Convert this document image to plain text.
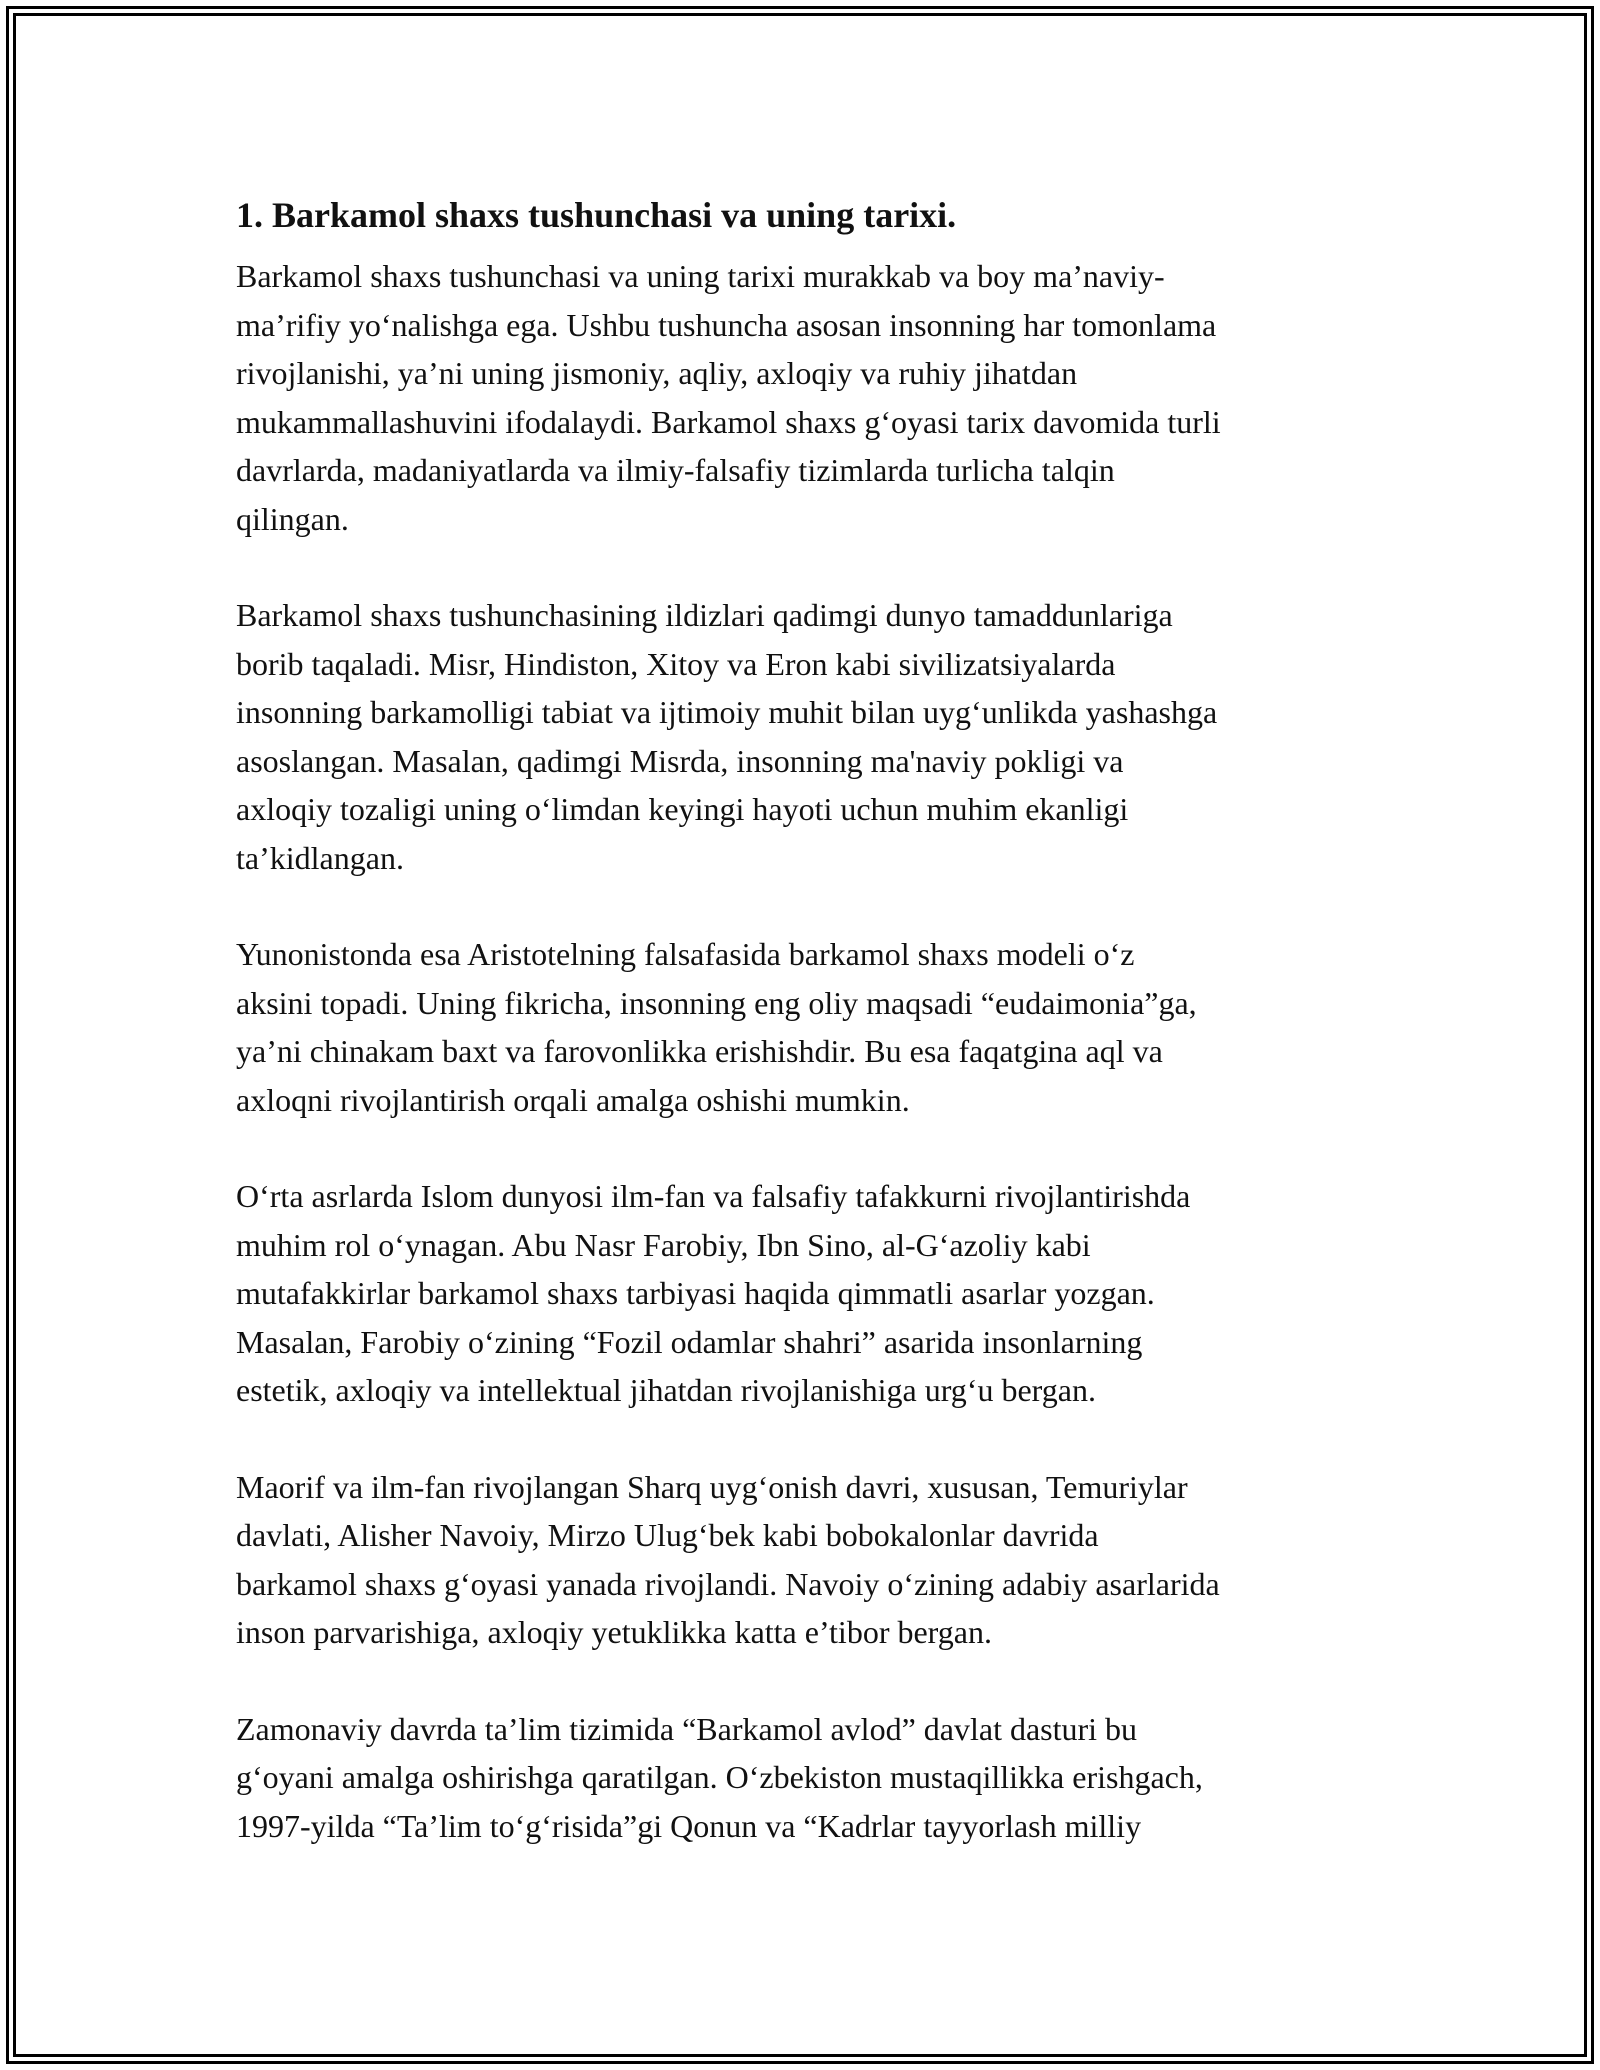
1. Barkamol shaxs tushunchasi va uning tarixi.
Barkamol shaxs tushunchasi va uning tarixi murakkab va boy ma’naviy-
ma’rifiy yo‘nalishga ega. Ushbu tushuncha asosan insonning har tomonlama
rivojlanishi, ya’ni uning jismoniy, aqliy, axloqiy va ruhiy jihatdan
mukammallashuvini ifodalaydi. Barkamol shaxs g‘oyasi tarix davomida turli
davrlarda, madaniyatlarda va ilmiy-falsafiy tizimlarda turlicha talqin
qilingan.
Barkamol shaxs tushunchasining ildizlari qadimgi dunyo tamaddunlariga
borib taqaladi. Misr, Hindiston, Xitoy va Eron kabi sivilizatsiyalarda
insonning barkamolligi tabiat va ijtimoiy muhit bilan uyg‘unlikda yashashga
asoslangan. Masalan, qadimgi Misrda, insonning ma'naviy pokligi va
axloqiy tozaligi uning o‘limdan keyingi hayoti uchun muhim ekanligi
ta’kidlangan.
Yunonistonda esa Aristotelning falsafasida barkamol shaxs modeli o‘z
aksini topadi. Uning fikricha, insonning eng oliy maqsadi “eudaimonia”ga,
ya’ni chinakam baxt va farovonlikka erishishdir. Bu esa faqatgina aql va
axloqni rivojlantirish orqali amalga oshishi mumkin.
O‘rta asrlarda Islom dunyosi ilm-fan va falsafiy tafakkurni rivojlantirishda
muhim rol o‘ynagan. Abu Nasr Farobiy, Ibn Sino, al-G‘azoliy kabi
mutafakkirlar barkamol shaxs tarbiyasi haqida qimmatli asarlar yozgan.
Masalan, Farobiy o‘zining “Fozil odamlar shahri” asarida insonlarning
estetik, axloqiy va intellektual jihatdan rivojlanishiga urg‘u bergan.
Maorif va ilm-fan rivojlangan Sharq uyg‘onish davri, xususan, Temuriylar
davlati, Alisher Navoiy, Mirzo Ulug‘bek kabi bobokalonlar davrida
barkamol shaxs g‘oyasi yanada rivojlandi. Navoiy o‘zining adabiy asarlarida
inson parvarishiga, axloqiy yetuklikka katta e’tibor bergan.
Zamonaviy davrda ta’lim tizimida “Barkamol avlod” davlat dasturi bu
g‘oyani amalga oshirishga qaratilgan. O‘zbekiston mustaqillikka erishgach,
1997-yilda “Ta’lim to‘g‘risida”gi Qonun va “Kadrlar tayyorlash milliy
